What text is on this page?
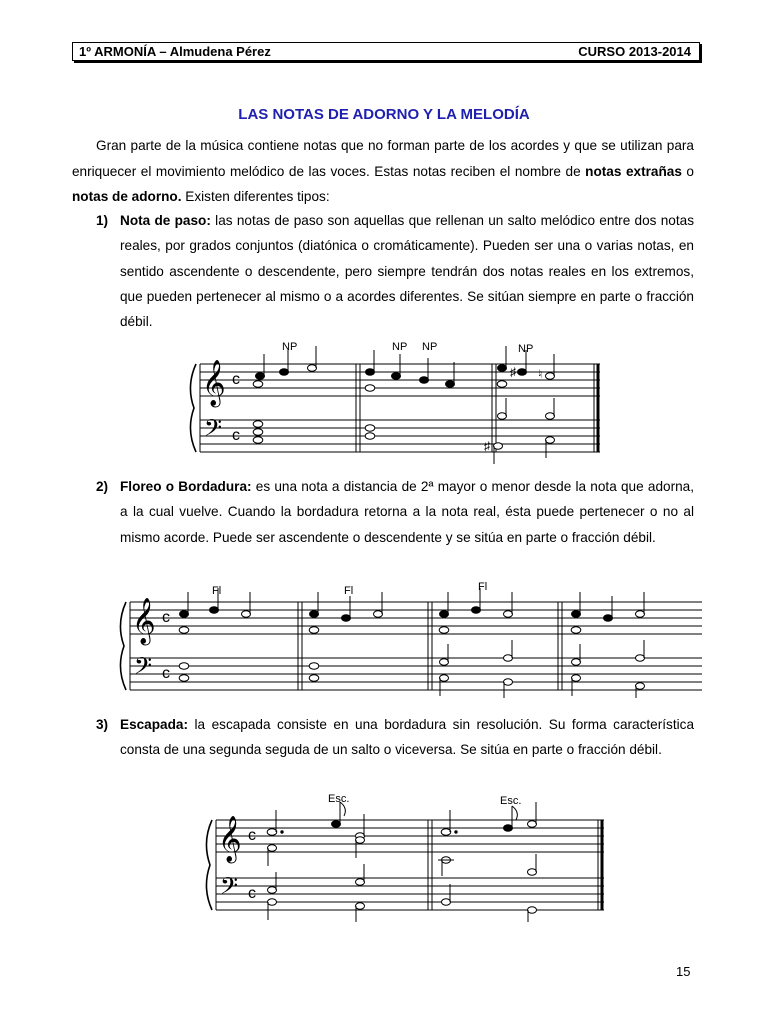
1º ARMONÍA – Almudena Pérez	CURSO 2013-2014
LAS NOTAS DE ADORNO Y LA MELODÍA
Gran parte de la música contiene notas que no forman parte de los acordes y que se utilizan para enriquecer el movimiento melódico de las voces. Estas notas reciben el nombre de notas extrañas o notas de adorno. Existen diferentes tipos:
1) Nota de paso: las notas de paso son aquellas que rellenan un salto melódico entre dos notas reales, por grados conjuntos (diatónica o cromáticamente). Pueden ser una o varias notas, en sentido ascendente o descendente, pero siempre tendrán dos notas reales en los extremos, que pueden pertenecer al mismo o a acordes diferentes. Se sitúan siempre en parte o fracción débil.
𝄞
𝄢
c
c
NP	NP NP	NP
♯ ♮
♯
2) Floreo o Bordadura: es una nota a distancia de 2ª mayor o menor desde la nota que adorna, a la cual vuelve. Cuando la bordadura retorna a la nota real, ésta puede pertenecer o no al mismo acorde. Puede ser ascendente o descendente y se sitúa en parte o fracción débil.
𝄞
𝄢
c
c
Fl	Fl	Fl
3) Escapada: la escapada consiste en una bordadura sin resolución. Su forma característica consta de una segunda seguda de un salto o viceversa. Se sitúa en parte o fracción débil.
𝄞
𝄢
c
c
Esc.	Esc.
15
